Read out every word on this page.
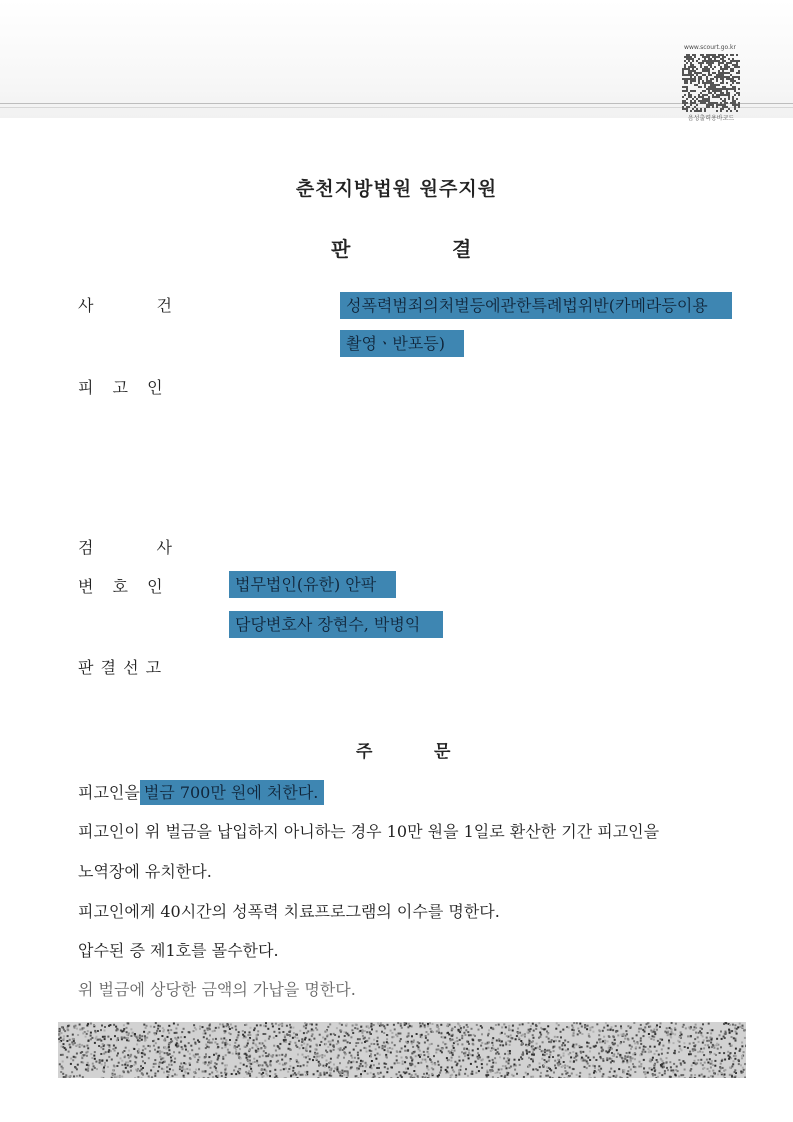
www.scourt.go.kr
음성출력용바코드
춘천지방법원 원주지원
판	결
사 건	성폭력범죄의처벌등에관한특례법위반(카메라등이용
촬영ㆍ반포등)
피 고 인
검 사
변 호 인	법무법인(유한) 안팍
담당변호사 장현수, 박병익
판 결 선 고
주	문
피고인을 벌금 700만 원에 처한다.
피고인이 위 벌금을 납입하지 아니하는 경우 10만 원을 1일로 환산한 기간 피고인을
노역장에 유치한다.
피고인에게 40시간의 성폭력 치료프로그램의 이수를 명한다.
압수된 증 제1호를 몰수한다.
위 벌금에 상당한 금액의 가납을 명한다.
